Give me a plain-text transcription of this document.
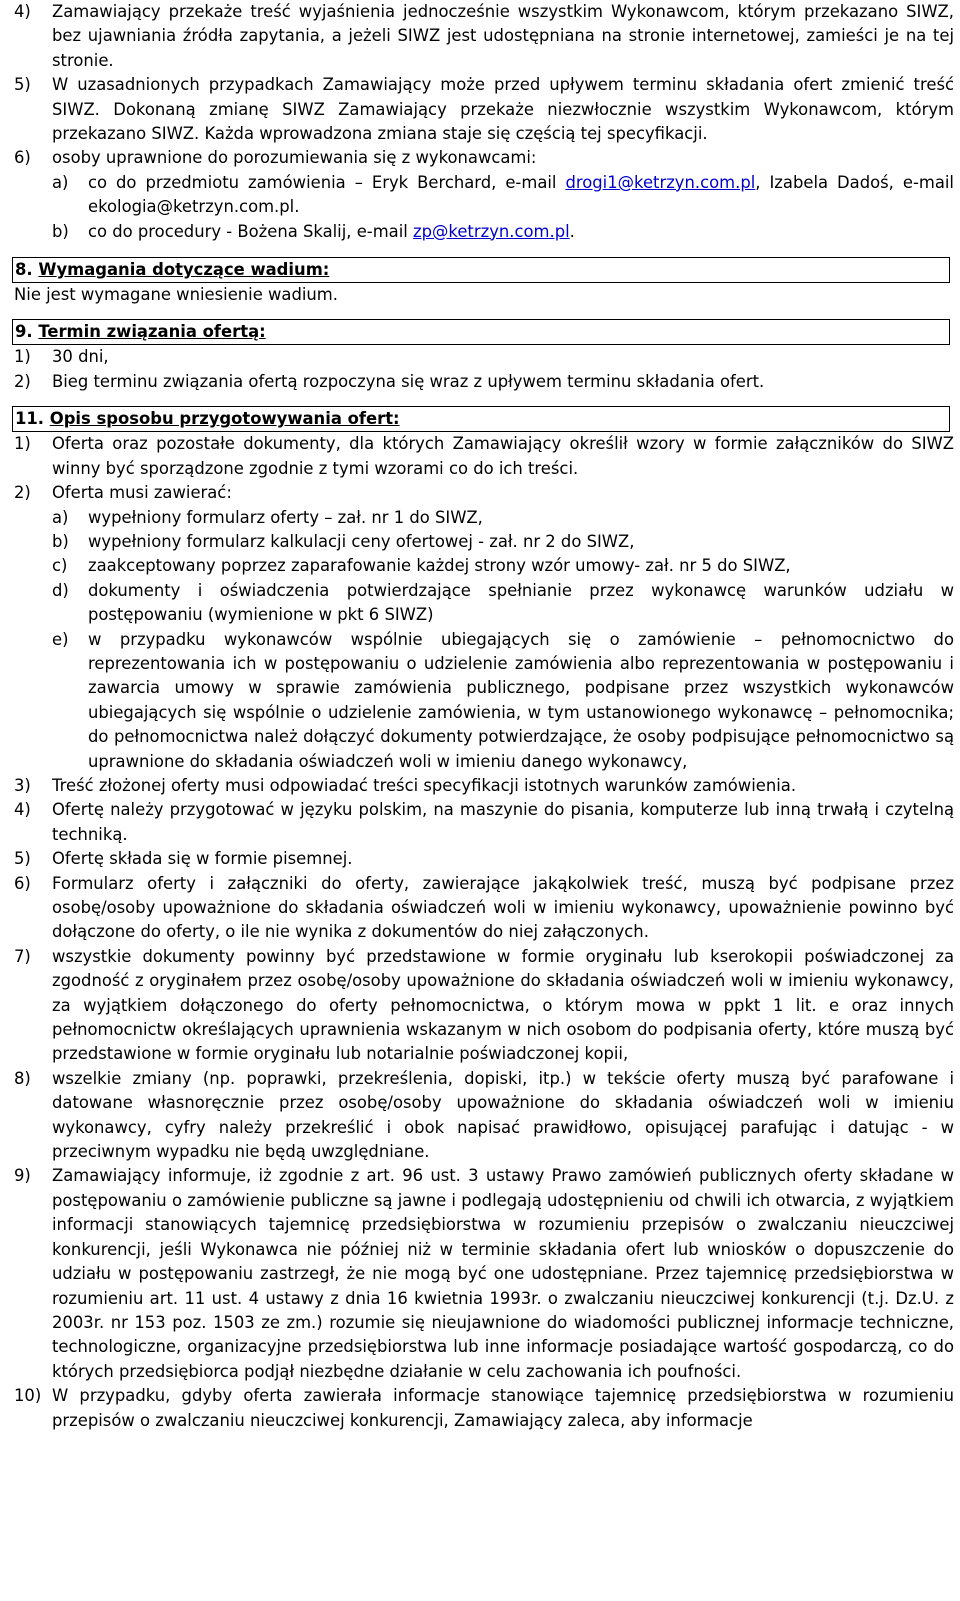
4) Zamawiający przekaże treść wyjaśnienia jednocześnie wszystkim Wykonawcom, którym przekazano SIWZ, bez ujawniania źródła zapytania, a jeżeli SIWZ jest udostępniana na stronie internetowej, zamieści je na tej stronie.
5) W uzasadnionych przypadkach Zamawiający może przed upływem terminu składania ofert zmienić treść SIWZ. Dokonaną zmianę SIWZ Zamawiający przekaże niezwłocznie wszystkim Wykonawcom, którym przekazano SIWZ. Każda wprowadzona zmiana staje się częścią tej specyfikacji.
6) osoby uprawnione do porozumiewania się z wykonawcami:
a) co do przedmiotu zamówienia – Eryk Berchard, e-mail drogi1@ketrzyn.com.pl, Izabela Dadoś, e-mail ekologia@ketrzyn.com.pl.
b) co do procedury - Bożena Skalij, e-mail zp@ketrzyn.com.pl.
8. Wymagania dotyczące wadium:
Nie jest wymagane wniesienie wadium.
9. Termin związania ofertą:
1) 30 dni,
2) Bieg terminu związania ofertą rozpoczyna się wraz z upływem terminu składania ofert.
11. Opis sposobu przygotowywania ofert:
1) Oferta oraz pozostałe dokumenty, dla których Zamawiający określił wzory w formie załączników do SIWZ winny być sporządzone zgodnie z tymi wzorami co do ich treści.
2) Oferta musi zawierać:
a) wypełniony formularz oferty – zał. nr 1 do SIWZ,
b) wypełniony formularz kalkulacji ceny ofertowej - zał. nr 2 do SIWZ,
c) zaakceptowany poprzez zaparafowanie każdej strony wzór umowy- zał. nr 5 do SIWZ,
d) dokumenty i oświadczenia potwierdzające spełnianie przez wykonawcę warunków udziału w postępowaniu (wymienione w pkt 6 SIWZ)
e) w przypadku wykonawców wspólnie ubiegających się o zamówienie – pełnomocnictwo do reprezentowania ich w postępowaniu o udzielenie zamówienia albo reprezentowania w postępowaniu i zawarcia umowy w sprawie zamówienia publicznego, podpisane przez wszystkich wykonawców ubiegających się wspólnie o udzielenie zamówienia, w tym ustanowionego wykonawcę – pełnomocnika; do pełnomocnictwa należ dołączyć dokumenty potwierdzające, że osoby podpisujące pełnomocnictwo są uprawnione do składania oświadczeń woli w imieniu danego wykonawcy,
3) Treść złożonej oferty musi odpowiadać treści specyfikacji istotnych warunków zamówienia.
4) Ofertę należy przygotować w języku polskim, na maszynie do pisania, komputerze lub inną trwałą i czytelną techniką.
5) Ofertę składa się w formie pisemnej.
6) Formularz oferty i załączniki do oferty, zawierające jakąkolwiek treść, muszą być podpisane przez osobę/osoby upoważnione do składania oświadczeń woli w imieniu wykonawcy, upoważnienie powinno być dołączone do oferty, o ile nie wynika z dokumentów do niej załączonych.
7) wszystkie dokumenty powinny być przedstawione w formie oryginału lub kserokopii poświadczonej za zgodność z oryginałem przez osobę/osoby upoważnione do składania oświadczeń woli w imieniu wykonawcy, za wyjątkiem dołączonego do oferty pełnomocnictwa, o którym mowa w ppkt 1 lit. e oraz innych pełnomocnictw określających uprawnienia wskazanym w nich osobom do podpisania oferty, które muszą być przedstawione w formie oryginału lub notarialnie poświadczonej kopii,
8) wszelkie zmiany (np. poprawki, przekreślenia, dopiski, itp.) w tekście oferty muszą być parafowane i datowane własnoręcznie przez osobę/osoby upoważnione do składania oświadczeń woli w imieniu wykonawcy, cyfry należy przekreślić i obok napisać prawidłowo, opisującej parafując i datując - w przeciwnym wypadku nie będą uwzględniane.
9) Zamawiający informuje, iż zgodnie z art. 96 ust. 3 ustawy Prawo zamówień publicznych oferty składane w postępowaniu o zamówienie publiczne są jawne i podlegają udostępnieniu od chwili ich otwarcia, z wyjątkiem informacji stanowiących tajemnicę przedsiębiorstwa w rozumieniu przepisów o zwalczaniu nieuczciwej konkurencji, jeśli Wykonawca nie później niż w terminie składania ofert lub wniosków o dopuszczenie do udziału w postępowaniu zastrzegł, że nie mogą być one udostępniane. Przez tajemnicę przedsiębiorstwa w rozumieniu art. 11 ust. 4 ustawy z dnia 16 kwietnia 1993r. o zwalczaniu nieuczciwej konkurencji (t.j. Dz.U. z 2003r. nr 153 poz. 1503 ze zm.) rozumie się nieujawnione do wiadomości publicznej informacje techniczne, technologiczne, organizacyjne przedsiębiorstwa lub inne informacje posiadające wartość gospodarczą, co do których przedsiębiorca podjął niezbędne działanie w celu zachowania ich poufności.
10) W przypadku, gdyby oferta zawierała informacje stanowiące tajemnicę przedsiębiorstwa w rozumieniu przepisów o zwalczaniu nieuczciwej konkurencji, Zamawiający zaleca, aby informacje
